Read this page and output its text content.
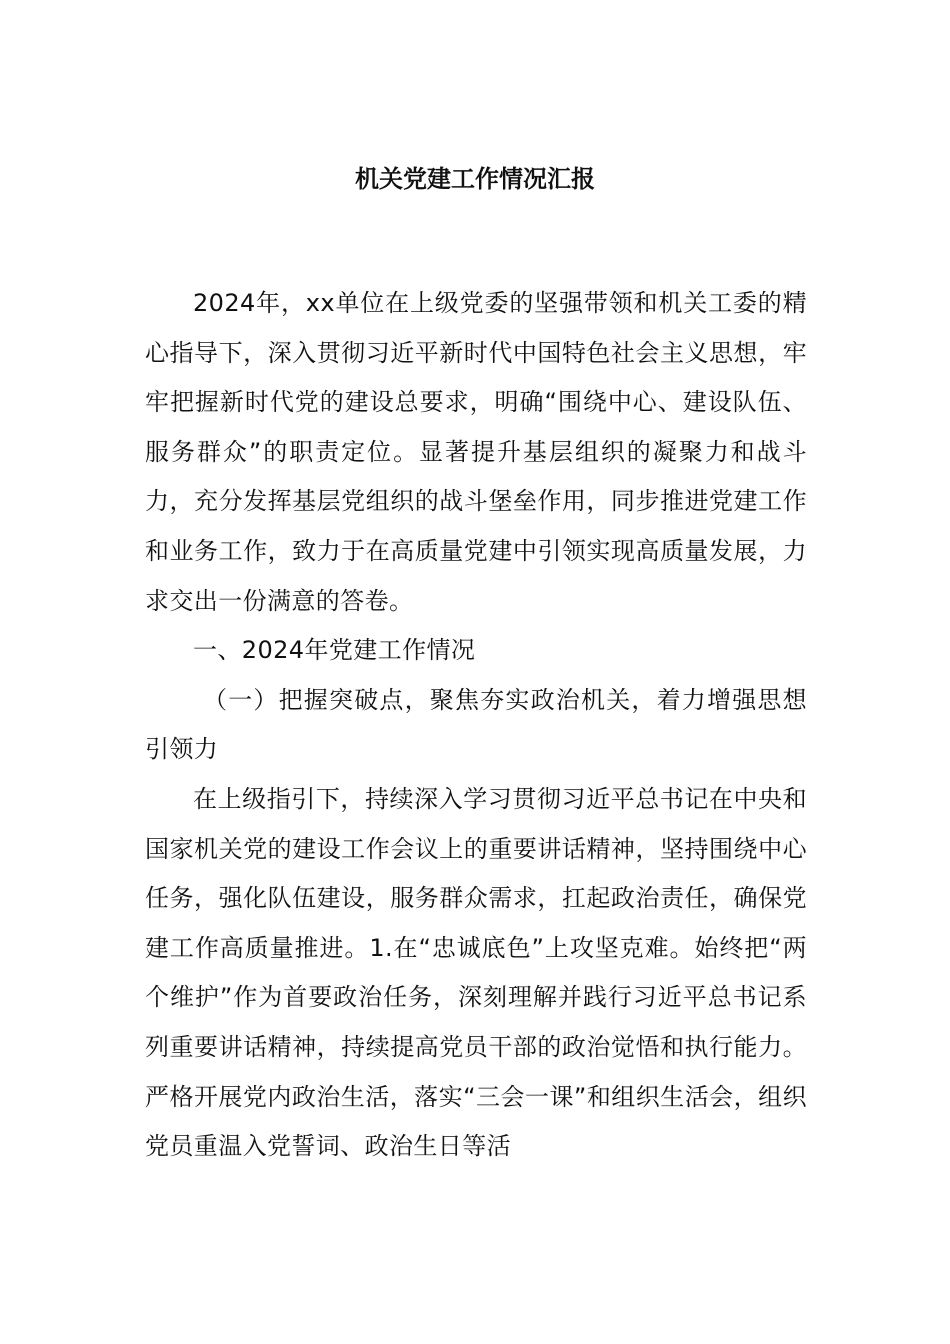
机关党建工作情况汇报

2024年，xx单位在上级党委的坚强带领和机关工委的精心指导下，深入贯彻习近平新时代中国特色社会主义思想，牢牢把握新时代党的建设总要求，明确“围绕中心、建设队伍、服务群众”的职责定位。显著提升基层组织的凝聚力和战斗力，充分发挥基层党组织的战斗堡垒作用，同步推进党建工作和业务工作，致力于在高质量党建中引领实现高质量发展，力求交出一份满意的答卷。

一、2024年党建工作情况

（一）把握突破点，聚焦夯实政治机关，着力增强思想引领力

在上级指引下，持续深入学习贯彻习近平总书记在中央和国家机关党的建设工作会议上的重要讲话精神，坚持围绕中心任务，强化队伍建设，服务群众需求，扛起政治责任，确保党建工作高质量推进。1.在“忠诚底色”上攻坚克难。始终把“两个维护”作为首要政治任务，深刻理解并践行习近平总书记系列重要讲话精神，持续提高党员干部的政治觉悟和执行能力。严格开展党内政治生活，落实“三会一课”和组织生活会，组织党员重温入党誓词、政治生日等活
